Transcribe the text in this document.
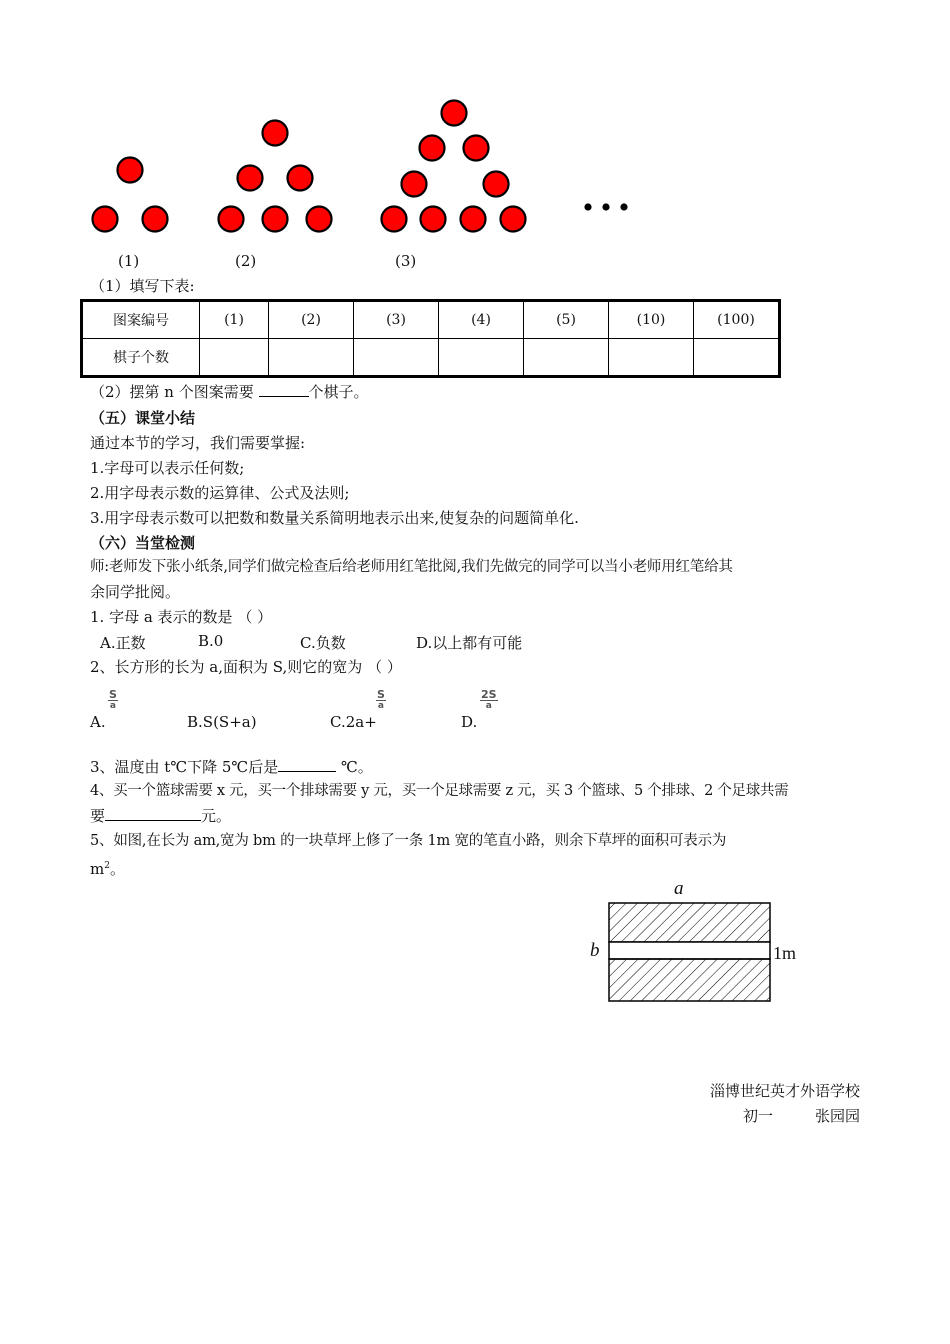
(1)	(2)	(3)
（1）填写下表:
图案编号	(1)	(2)	(3)	(4)	(5)	(10)	(100)
棋子个数							
（2）摆第 n 个图案需要	个棋子。
（五）课堂小结
通过本节的学习，我们需要掌握:
1.字母可以表示任何数;
2.用字母表示数的运算律、公式及法则;
3.用字母表示数可以把数和数量关系简明地表示出来,使复杂的问题简单化.
（六）当堂检测
师:老师发下张小纸条,同学们做完检查后给老师用红笔批阅,我们先做完的同学可以当小老师用红笔给其
余同学批阅。
1. 字母 a 表示的数是 （ ）
A.正数	B.0	C.负数	D.以上都有可能
2、长方形的长为 a,面积为 S,则它的宽为 （ ）
A.
S
a
B.S(S+a)	C.2a+
S
a
D.
2S
a
3、温度由 t℃下降 5℃后是	℃。
4、买一个篮球需要 x 元，买一个排球需要 y 元，买一个足球需要 z 元，买 3 个篮球、5 个排球、2 个足球共需
要	元。
5、如图,在长为 am,宽为 bm 的一块草坪上修了一条 1m 宽的笔直小路，则余下草坪的面积可表示为
$m^2$。
a
b	1m
淄博世纪英才外语学校
初一	张园园
